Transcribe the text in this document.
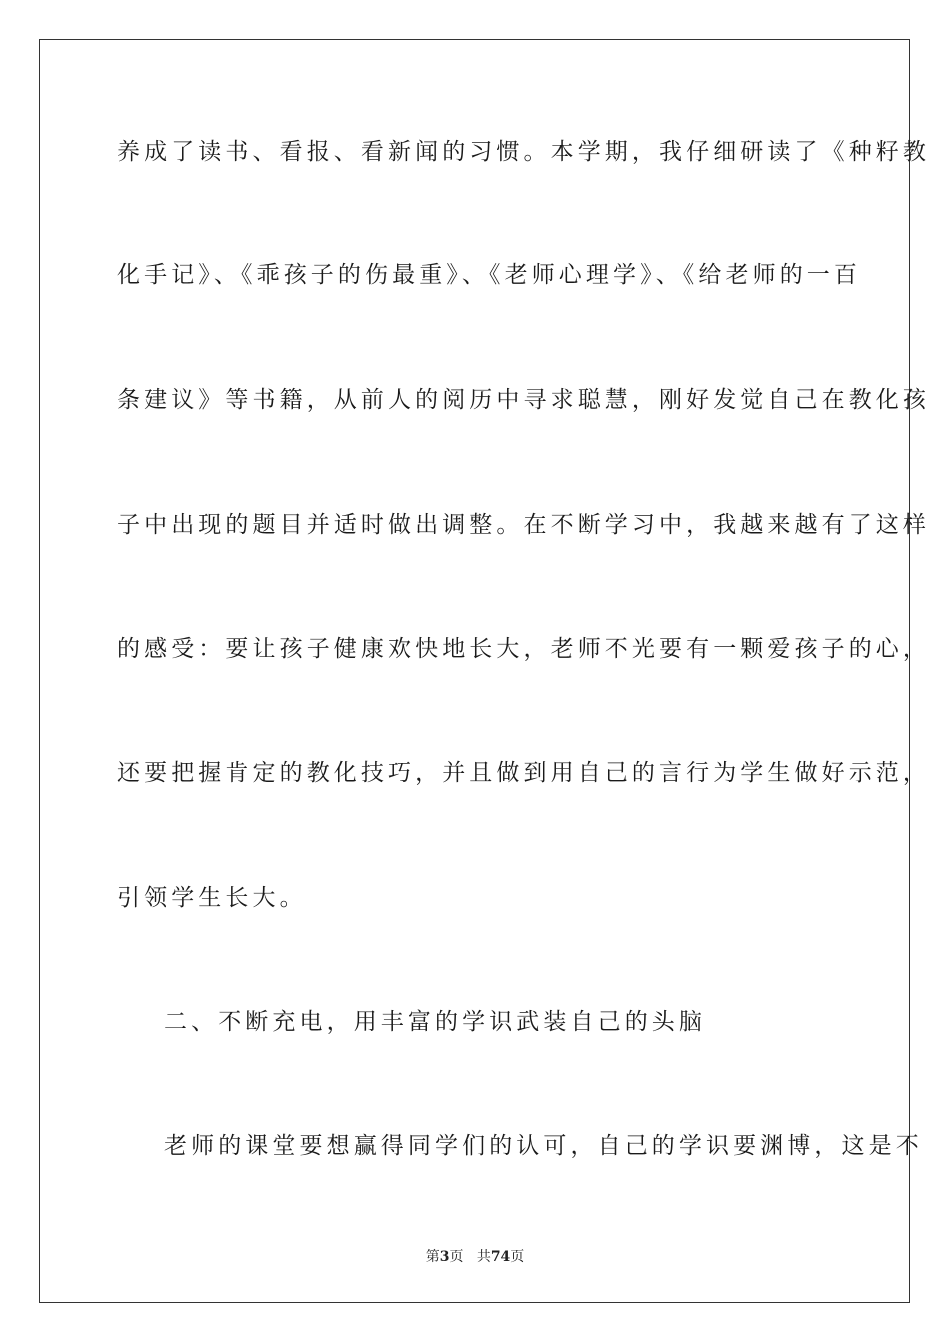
养成了读书、看报、看新闻的习惯。本学期，我仔细研读了《种籽教
化手记》、《乖孩子的伤最重》、《老师心理学》、《给老师的一百
条建议》等书籍，从前人的阅历中寻求聪慧，刚好发觉自己在教化孩
子中出现的题目并适时做出调整。在不断学习中，我越来越有了这样
的感受：要让孩子健康欢快地长大，老师不光要有一颗爱孩子的心，
还要把握肯定的教化技巧，并且做到用自己的言行为学生做好示范，
引领学生长大。
二、不断充电，用丰富的学识武装自己的头脑
老师的课堂要想赢得同学们的认可，自己的学识要渊博，这是不
第3页 共74页
